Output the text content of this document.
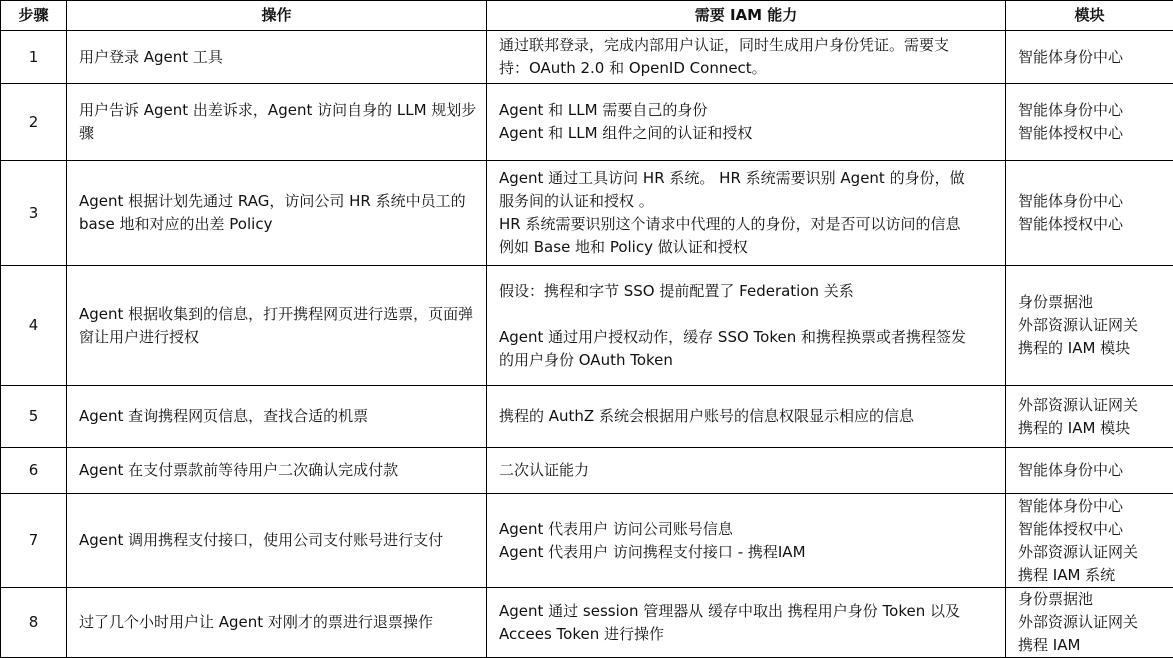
步骤	操作	需要 IAM 能力	模块
1	用户登录 Agent 工具	通过联邦登录，完成内部用户认证，同时生成用户身份凭证。需要支
持：OAuth 2.0 和 OpenID Connect。	智能体身份中心

2	用户告诉 Agent 出差诉求，Agent 访问自身的 LLM 规划步骤	Agent 和 LLM 需要自己的身份
Agent 和 LLM 组件之间的认证和授权	智能体身份中心
智能体授权中心

3	Agent 根据计划先通过 RAG，访问公司 HR 系统中员工的 base 地和对应的出差 Policy	Agent 通过工具访问 HR 系统。 HR 系统需要识别 Agent 的身份，做
服务间的认证和授权 。
HR 系统需要识别这个请求中代理的人的身份，对是否可以访问的信息
例如 Base 地和 Policy 做认证和授权	智能体身份中心
智能体授权中心

4	Agent 根据收集到的信息，打开携程网页进行选票，页面弹窗让用户进行授权	假设：携程和字节 SSO 提前配置了 Federation 关系
Agent 通过用户授权动作，缓存 SSO Token 和携程换票或者携程签发
的用户身份 OAuth Token	身份票据池
外部资源认证网关
携程的 IAM 模块

5	Agent 查询携程网页信息，查找合适的机票	携程的 AuthZ 系统会根据用户账号的信息权限显示相应的信息	外部资源认证网关
携程的 IAM 模块

6	Agent 在支付票款前等待用户二次确认完成付款	二次认证能力	智能体身份中心

7	Agent 调用携程支付接口，使用公司支付账号进行支付	Agent 代表用户 访问公司账号信息
Agent 代表用户 访问携程支付接口 - 携程IAM	智能体身份中心
智能体授权中心
外部资源认证网关
携程 IAM 系统

8	过了几个小时用户让 Agent 对刚才的票进行退票操作	Agent 通过 session 管理器从 缓存中取出 携程用户身份 Token 以及
Accees Token 进行操作	身份票据池
外部资源认证网关
携程 IAM
